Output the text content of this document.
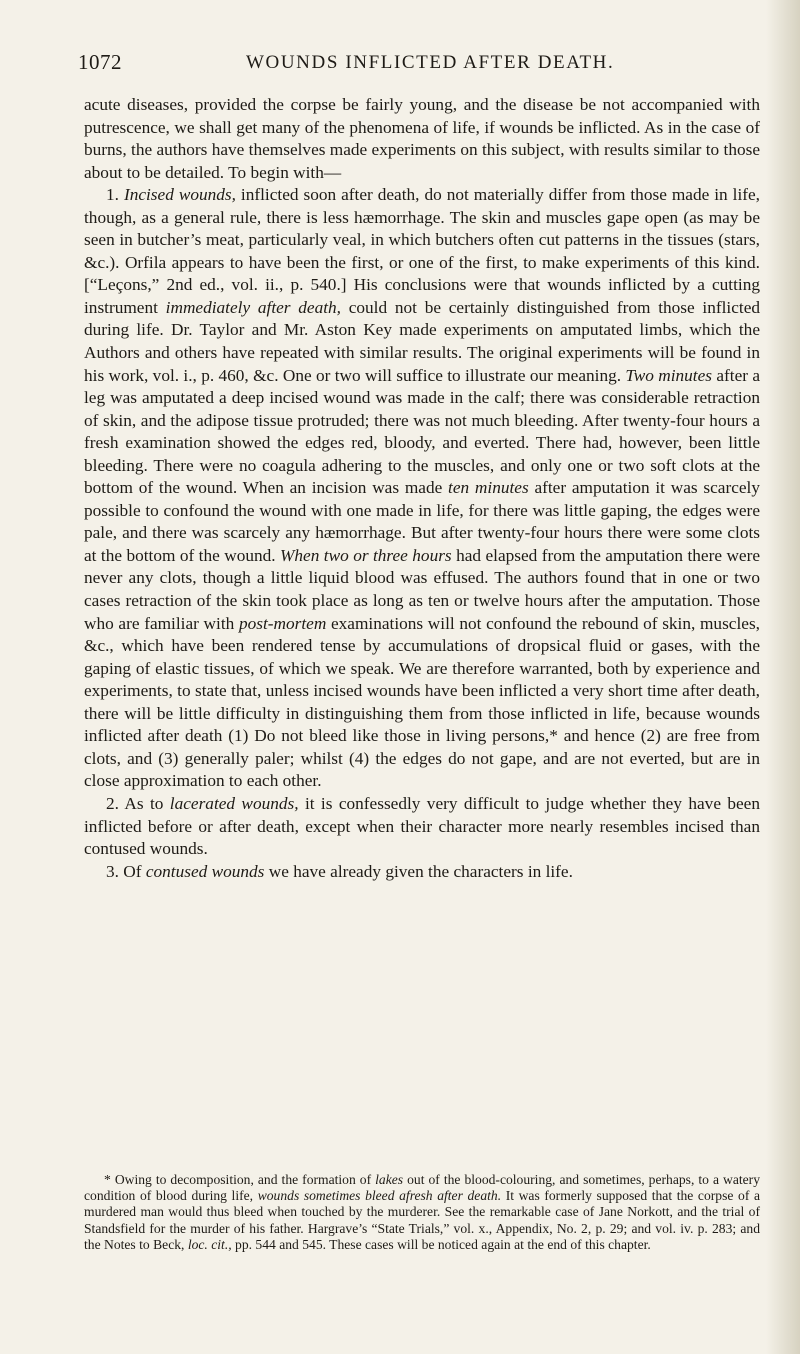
1072	WOUNDS INFLICTED AFTER DEATH.

acute diseases, provided the corpse be fairly young, and the disease be not accompanied with putrescence, we shall get many of the phenomena of life, if wounds be inflicted. As in the case of burns, the authors have themselves made experiments on this subject, with results similar to those about to be detailed. To begin with—

1. Incised wounds, inflicted soon after death, do not materially differ from those made in life, though, as a general rule, there is less hæmorrhage. The skin and muscles gape open (as may be seen in butcher’s meat, particularly veal, in which butchers often cut patterns in the tissues (stars, &c.). Orfila appears to have been the first, or one of the first, to make experiments of this kind. [“Leçons,” 2nd ed., vol. ii., p. 540.] His conclusions were that wounds inflicted by a cutting instrument immediately after death, could not be certainly distinguished from those inflicted during life. Dr. Taylor and Mr. Aston Key made experiments on amputated limbs, which the Authors and others have repeated with similar results. The original experiments will be found in his work, vol. i., p. 460, &c. One or two will suffice to illustrate our meaning. Two minutes after a leg was amputated a deep incised wound was made in the calf; there was considerable retraction of skin, and the adipose tissue protruded; there was not much bleeding. After twenty-four hours a fresh examination showed the edges red, bloody, and everted. There had, however, been little bleeding. There were no coagula adhering to the muscles, and only one or two soft clots at the bottom of the wound. When an incision was made ten minutes after amputation it was scarcely possible to confound the wound with one made in life, for there was little gaping, the edges were pale, and there was scarcely any hæmorrhage. But after twenty-four hours there were some clots at the bottom of the wound. When two or three hours had elapsed from the amputation there were never any clots, though a little liquid blood was effused. The authors found that in one or two cases retraction of the skin took place as long as ten or twelve hours after the amputation. Those who are familiar with post-mortem examinations will not confound the rebound of skin, muscles, &c., which have been rendered tense by accumulations of dropsical fluid or gases, with the gaping of elastic tissues, of which we speak. We are therefore warranted, both by experience and experiments, to state that, unless incised wounds have been inflicted a very short time after death, there will be little difficulty in distinguishing them from those inflicted in life, because wounds inflicted after death (1) Do not bleed like those in living persons,* and hence (2) are free from clots, and (3) generally paler; whilst (4) the edges do not gape, and are not everted, but are in close approximation to each other.

2. As to lacerated wounds, it is confessedly very difficult to judge whether they have been inflicted before or after death, except when their character more nearly resembles incised than contused wounds.

3. Of contused wounds we have already given the characters in life.

* Owing to decomposition, and the formation of lakes out of the blood-colouring, and sometimes, perhaps, to a watery condition of blood during life, wounds sometimes bleed afresh after death. It was formerly supposed that the corpse of a murdered man would thus bleed when touched by the murderer. See the remarkable case of Jane Norkott, and the trial of Standsfield for the murder of his father. Hargrave’s “State Trials,” vol. x., Appendix, No. 2, p. 29; and vol. iv. p. 283; and the Notes to Beck, loc. cit., pp. 544 and 545. These cases will be noticed again at the end of this chapter.
